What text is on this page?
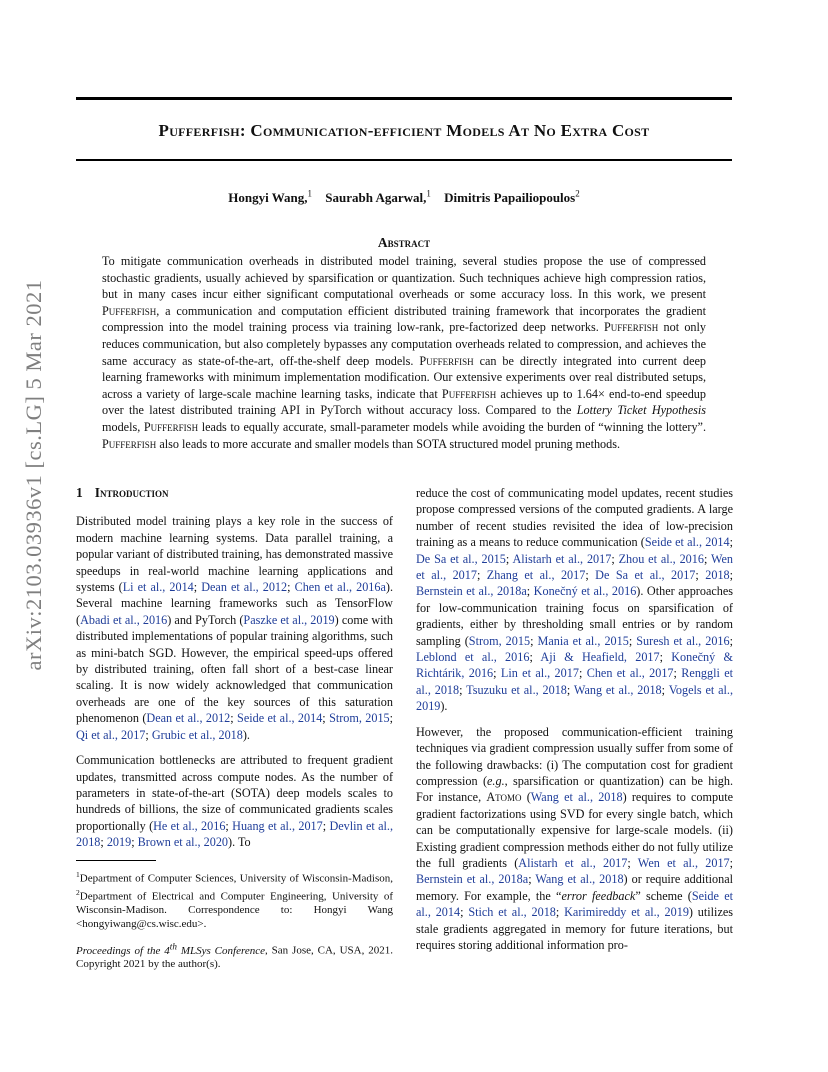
Pufferfish: Communication-efficient Models At No Extra Cost
Hongyi Wang,$^1$ Saurabh Agarwal,$^1$ Dimitris Papailiopoulos$^2$
Abstract

To mitigate communication overheads in distributed model training, several studies propose the use of compressed stochastic gradients, usually achieved by sparsification or quantization. Such techniques achieve high compression ratios, but in many cases incur either significant computational overheads or some accuracy loss. In this work, we present Pufferfish, a communication and computation efficient distributed training framework that incorporates the gradient compression into the model training process via training low-rank, pre-factorized deep networks. Pufferfish not only reduces communication, but also completely bypasses any computation overheads related to compression, and achieves the same accuracy as state-of-the-art, off-the-shelf deep models. Pufferfish can be directly integrated into current deep learning frameworks with minimum implementation modification. Our extensive experiments over real distributed setups, across a variety of large-scale machine learning tasks, indicate that Pufferfish achieves up to 1.64× end-to-end speedup over the latest distributed training API in PyTorch without accuracy loss. Compared to the Lottery Ticket Hypothesis models, Pufferfish leads to equally accurate, small-parameter models while avoiding the burden of “winning the lottery”. Pufferfish also leads to more accurate and smaller models than SOTA structured model pruning methods.

arXiv:2103.03936v1 [cs.LG] 5 Mar 2021 1 Introduction

Distributed model training plays a key role in the success of modern machine learning systems. Data parallel training, a popular variant of distributed training, has demonstrated massive speedups in real-world machine learning applications and systems (Li et al., 2014; Dean et al., 2012; Chen et al., 2016a). Several machine learning frameworks such as TensorFlow (Abadi et al., 2016) and PyTorch (Paszke et al., 2019) come with distributed implementations of popular training algorithms, such as mini-batch SGD. However, the empirical speed-ups offered by distributed training, often fall short of a best-case linear scaling. It is now widely acknowledged that communication overheads are one of the key sources of this saturation phenomenon (Dean et al., 2012; Seide et al., 2014; Strom, 2015; Qi et al., 2017; Grubic et al., 2018).

Communication bottlenecks are attributed to frequent gradient updates, transmitted across compute nodes. As the number of parameters in state-of-the-art (SOTA) deep models scales to hundreds of billions, the size of communicated gradients scales proportionally (He et al., 2016; Huang et al., 2017; Devlin et al., 2018; 2019; Brown et al., 2020). To

$^1$Department of Computer Sciences, University of Wisconsin-Madison, $^2$Department of Electrical and Computer Engineering, University of Wisconsin-Madison. Correspondence to: Hongyi Wang <hongyiwang@cs.wisc.edu>.

Proceedings of the 4th MLSys Conference, San Jose, CA, USA, 2021. Copyright 2021 by the author(s).

reduce the cost of communicating model updates, recent studies propose compressed versions of the computed gradients. A large number of recent studies revisited the idea of low-precision training as a means to reduce communication (Seide et al., 2014; De Sa et al., 2015; Alistarh et al., 2017; Zhou et al., 2016; Wen et al., 2017; Zhang et al., 2017; De Sa et al., 2017; 2018; Bernstein et al., 2018a; Konečný et al., 2016). Other approaches for low-communication training focus on sparsification of gradients, either by thresholding small entries or by random sampling (Strom, 2015; Mania et al., 2015; Suresh et al., 2016; Leblond et al., 2016; Aji & Heafield, 2017; Konečný & Richtárik, 2016; Lin et al., 2017; Chen et al., 2017; Renggli et al., 2018; Tsuzuku et al., 2018; Wang et al., 2018; Vogels et al., 2019).

However, the proposed communication-efficient training techniques via gradient compression usually suffer from some of the following drawbacks: (i) The computation cost for gradient compression (e.g., sparsification or quantization) can be high. For instance, Atomo (Wang et al., 2018) requires to compute gradient factorizations using SVD for every single batch, which can be computationally expensive for large-scale models. (ii) Existing gradient compression methods either do not fully utilize the full gradients (Alistarh et al., 2017; Wen et al., 2017; Bernstein et al., 2018a; Wang et al., 2018) or require additional memory. For example, the “error feedback” scheme (Seide et al., 2014; Stich et al., 2018; Karimireddy et al., 2019) utilizes stale gradients aggregated in memory for future iterations, but requires storing additional information pro-
